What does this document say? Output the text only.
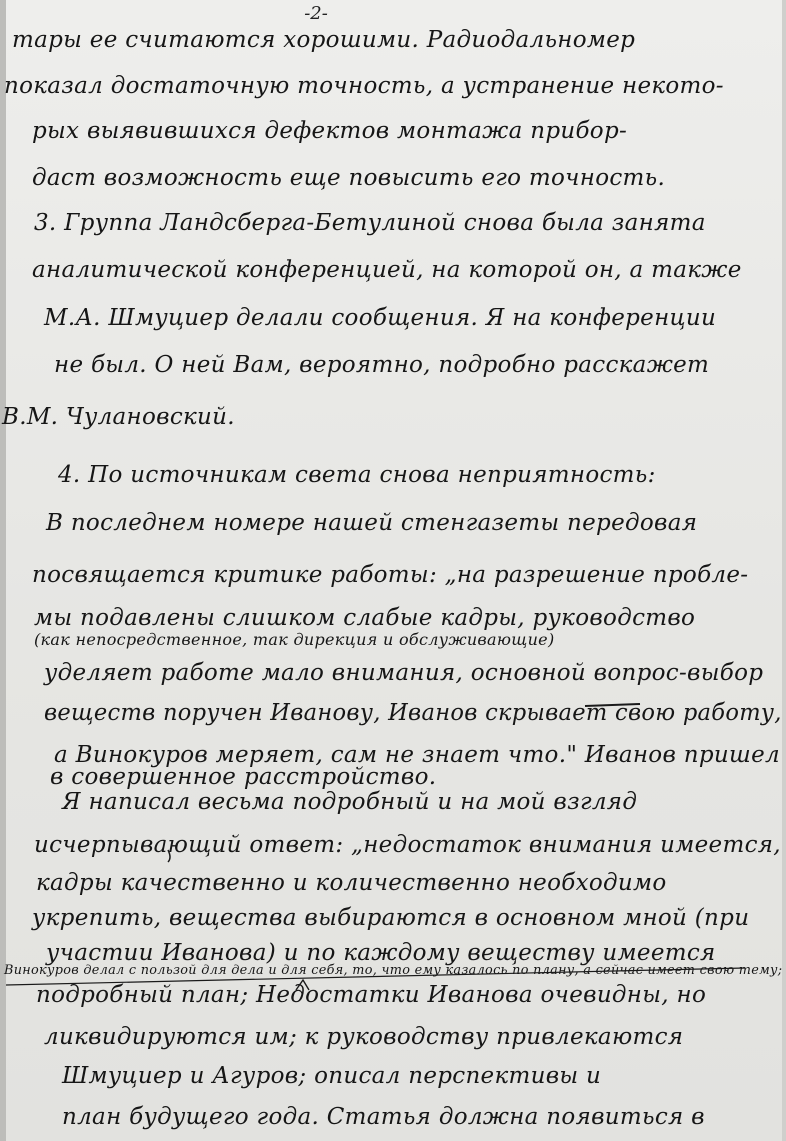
-2-
тары ее считаются хорошими. Радиодальномер
показал достаточную точность, а устранение некото-
рых выявившихся дефектов монтажа прибор-
даст возможность еще повысить его точность.
3. Группа Ландсберга-Бетулиной снова была занята
аналитической конференцией, на которой он, а также
М.А. Шмуциер делали сообщения. Я на конференции
не был. О ней Вам, вероятно, подробно расскажет
В.М. Чулановский.
4. По источникам света снова неприятность:
В последнем номере нашей стенгазеты передовая
посвящается критике работы: „на разрешение пробле-
мы подавлены слишком слабые кадры, руководство
(как непосредственное, так дирекция и обслуживающие)
уделяет работе мало внимания, основной вопрос-выбор
веществ поручен Иванову, Иванов скрывает свою работу,
а Винокуров меряет, сам не знает что." Иванов пришел
в совершенное расстройство.
Я написал весьма подробный и на мой взгляд
исчерпывающий ответ: „недостаток внимания имеется,
кадры качественно и количественно необходимо
укрепить, вещества выбираются в основном мной (при
участии Иванова) и по каждому веществу имеется
Винокуров делал с пользой для дела и для себя, то, что ему казалось по плану, а сейчас имеет свою тему;
подробный план; Недостатки Иванова очевидны, но
ликвидируются им; к руководству привлекаются
Шмуциер и Агуров; описал перспективы и
план будущего года. Статья должна появиться в
